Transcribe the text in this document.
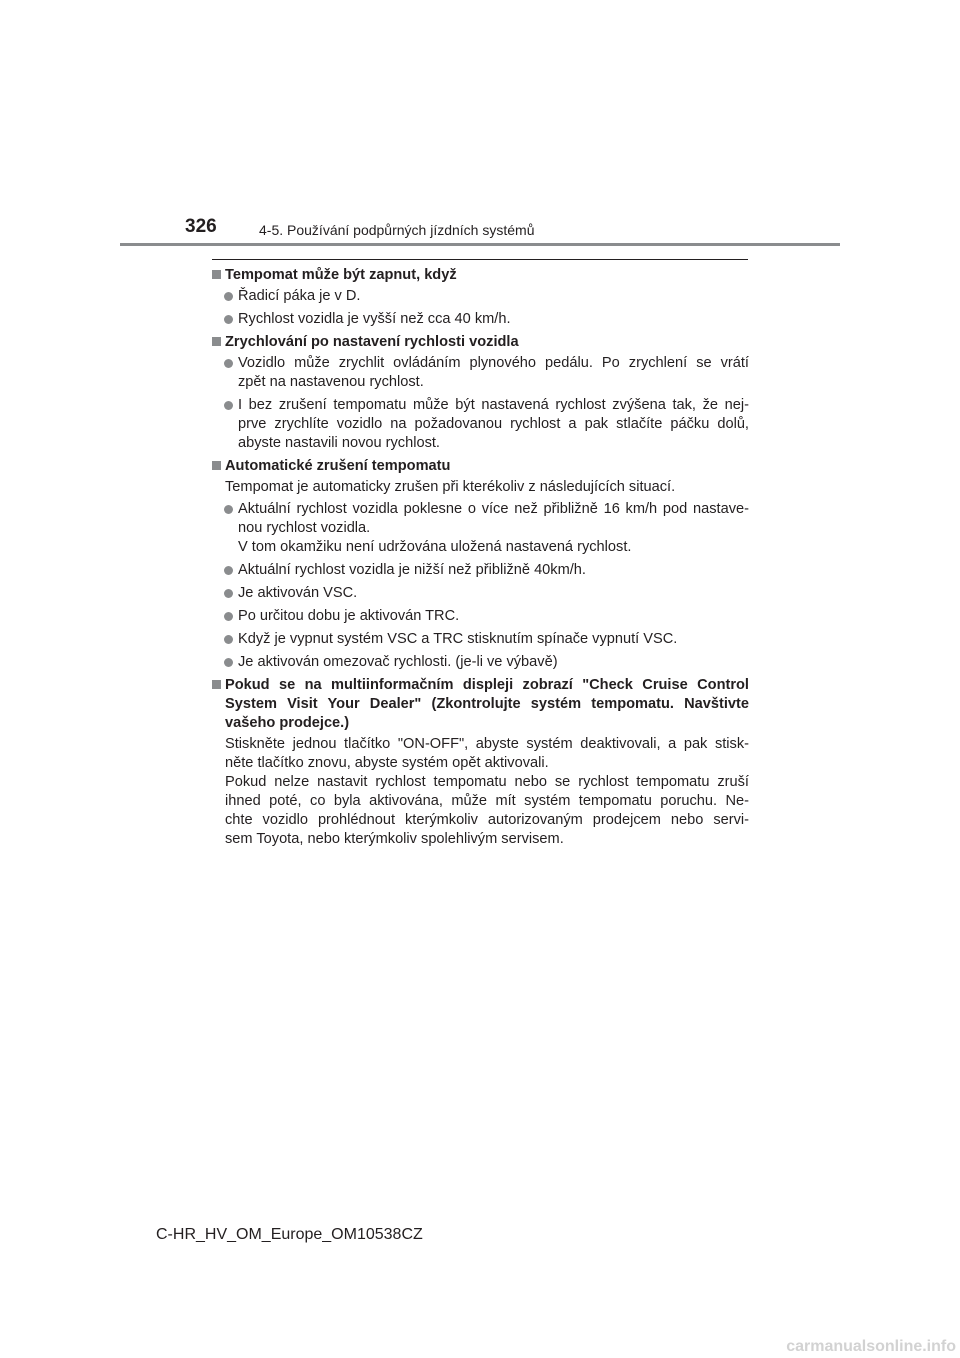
326	4-5. Používání podpůrných jízdních systémů
Tempomat může být zapnut, když
Řadicí páka je v D.
Rychlost vozidla je vyšší než cca 40 km/h.
Zrychlování po nastavení rychlosti vozidla
Vozidlo může zrychlit ovládáním plynového pedálu. Po zrychlení se vrátí
zpět na nastavenou rychlost.
I bez zrušení tempomatu může být nastavená rychlost zvýšena tak, že nej-
prve zrychlíte vozidlo na požadovanou rychlost a pak stlačíte páčku dolů,
abyste nastavili novou rychlost.
Automatické zrušení tempomatu
Tempomat je automaticky zrušen při kterékoliv z následujících situací.
Aktuální rychlost vozidla poklesne o více než přibližně 16 km/h pod nastave-
nou rychlost vozidla.
V tom okamžiku není udržována uložená nastavená rychlost.
Aktuální rychlost vozidla je nižší než přibližně 40km/h.
Je aktivován VSC.
Po určitou dobu je aktivován TRC.
Když je vypnut systém VSC a TRC stisknutím spínače vypnutí VSC.
Je aktivován omezovač rychlosti. (je-li ve výbavě)
Pokud se na multiinformačním displeji zobrazí "Check Cruise Control
System Visit Your Dealer" (Zkontrolujte systém tempomatu. Navštivte
vašeho prodejce.)
Stiskněte jednou tlačítko "ON-OFF", abyste systém deaktivovali, a pak stisk-
něte tlačítko znovu, abyste systém opět aktivovali.
Pokud nelze nastavit rychlost tempomatu nebo se rychlost tempomatu zruší
ihned poté, co byla aktivována, může mít systém tempomatu poruchu. Ne-
chte vozidlo prohlédnout kterýmkoliv autorizovaným prodejcem nebo servi-
sem Toyota, nebo kterýmkoliv spolehlivým servisem.
C-HR_HV_OM_Europe_OM10538CZ
carmanualsonline.info
